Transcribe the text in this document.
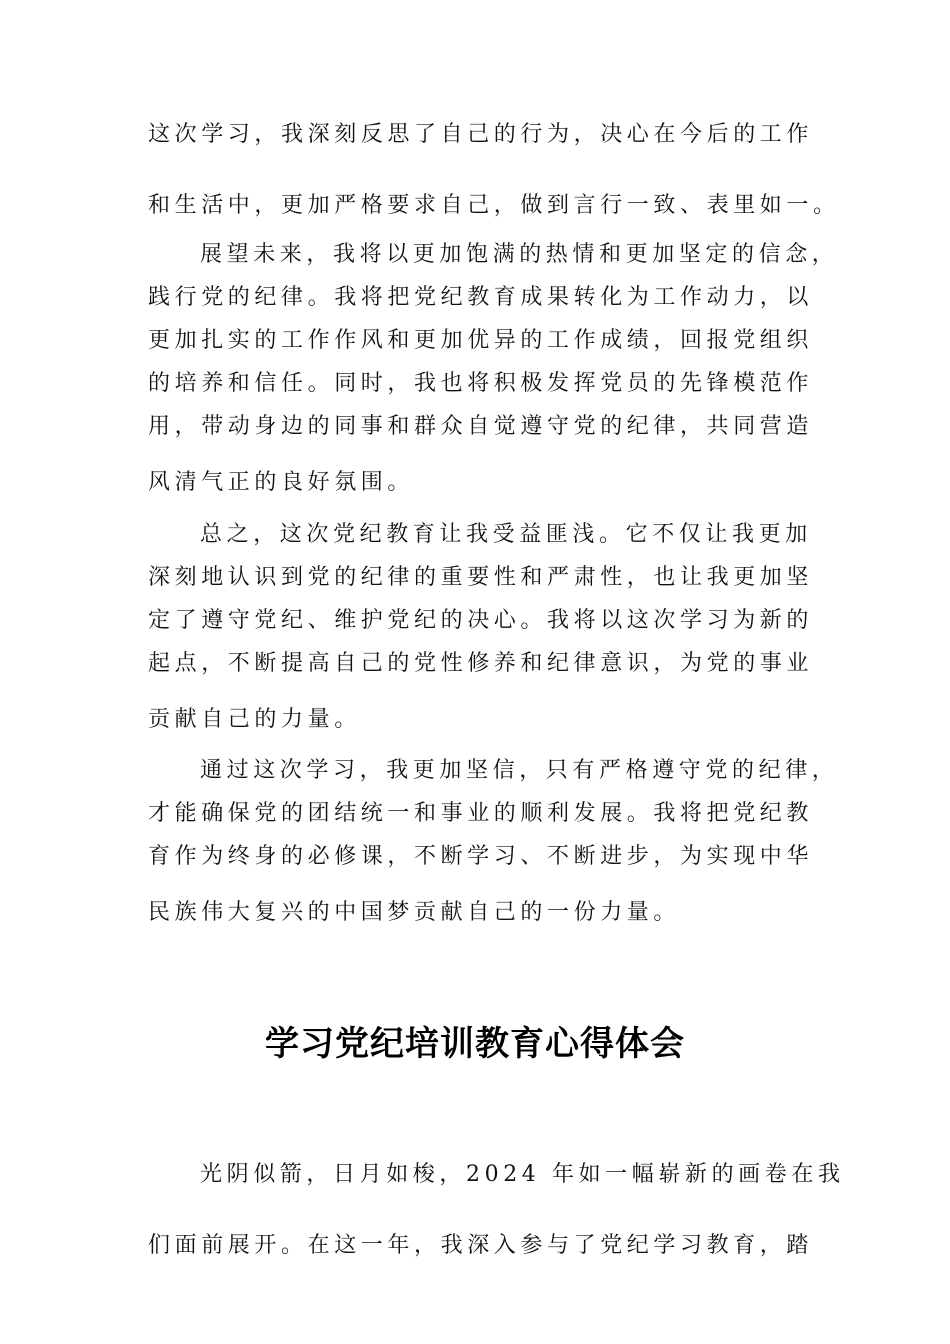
这次学习，我深刻反思了自己的行为，决心在今后的工作
和生活中，更加严格要求自己，做到言行一致、表里如一。
展望未来，我将以更加饱满的热情和更加坚定的信念，
践行党的纪律。我将把党纪教育成果转化为工作动力，以
更加扎实的工作作风和更加优异的工作成绩，回报党组织
的培养和信任。同时，我也将积极发挥党员的先锋模范作
用，带动身边的同事和群众自觉遵守党的纪律，共同营造
风清气正的良好氛围。
总之，这次党纪教育让我受益匪浅。它不仅让我更加
深刻地认识到党的纪律的重要性和严肃性，也让我更加坚
定了遵守党纪、维护党纪的决心。我将以这次学习为新的
起点，不断提高自己的党性修养和纪律意识，为党的事业
贡献自己的力量。
通过这次学习，我更加坚信，只有严格遵守党的纪律，
才能确保党的团结统一和事业的顺利发展。我将把党纪教
育作为终身的必修课，不断学习、不断进步，为实现中华
民族伟大复兴的中国梦贡献自己的一份力量。
学习党纪培训教育心得体会
光阴似箭，日月如梭，2024 年如一幅崭新的画卷在我
们面前展开。在这一年，我深入参与了党纪学习教育，踏
